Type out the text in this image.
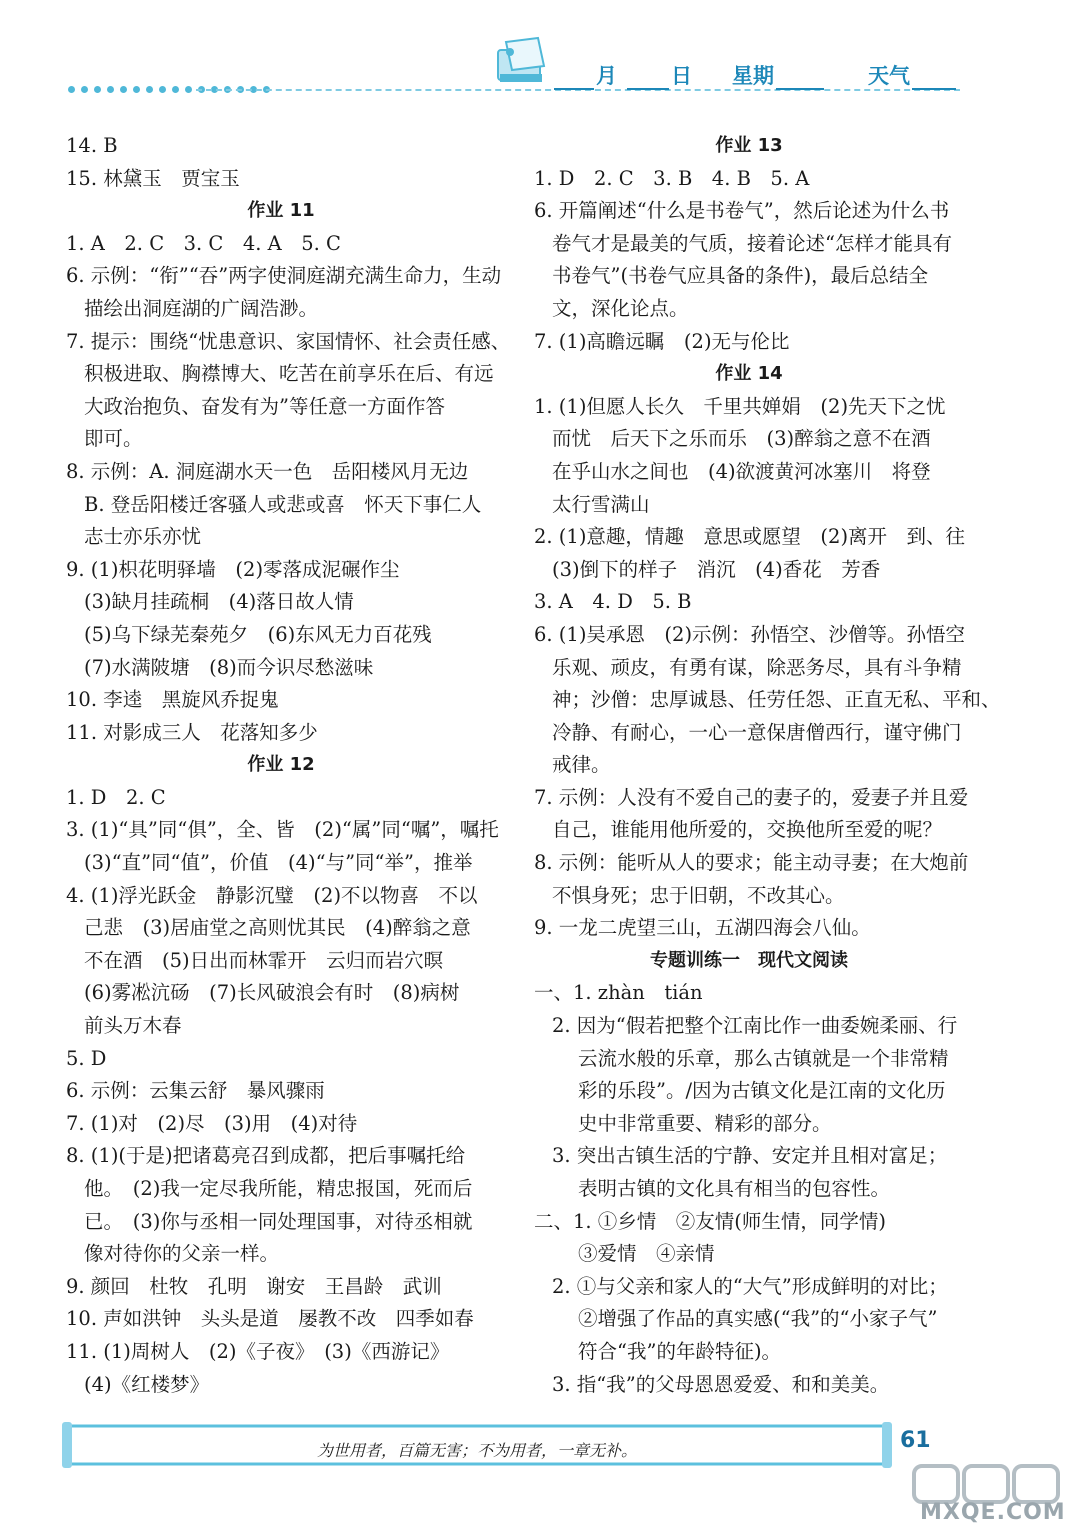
月	日 星期	天气
14. B
15. 林黛玉　贾宝玉
作业 11
1. A　2. C　3. C　4. A　5. C
6. 示例：“衔”“吞”两字使洞庭湖充满生命力，生动
描绘出洞庭湖的广阔浩渺。
7. 提示：围绕“忧患意识、家国情怀、社会责任感、
积极进取、胸襟博大、吃苦在前享乐在后、有远
大政治抱负、奋发有为”等任意一方面作答
即可。
8. 示例：A. 洞庭湖水天一色　岳阳楼风月无边
B. 登岳阳楼迁客骚人或悲或喜　怀天下事仁人
志士亦乐亦忧
9. (1)枳花明驿墙　(2)零落成泥碾作尘
(3)缺月挂疏桐　(4)落日故人情
(5)乌下绿芜秦苑夕　(6)东风无力百花残
(7)水满陂塘　(8)而今识尽愁滋味
10. 李逵　黑旋风乔捉鬼
11. 对影成三人　花落知多少
作业 12
1. D　2. C
3. (1)“具”同“俱”，全、皆　(2)“属”同“嘱”，嘱托
(3)“直”同“值”，价值　(4)“与”同“举”，推举
4. (1)浮光跃金　静影沉璧　(2)不以物喜　不以
己悲　(3)居庙堂之高则忧其民　(4)醉翁之意
不在酒　(5)日出而林霏开　云归而岩穴暝
(6)雾凇沆砀　(7)长风破浪会有时　(8)病树
前头万木春
5. D
6. 示例：云集云舒　暴风骤雨
7. (1)对　(2)尽　(3)用　(4)对待
8. (1)(于是)把诸葛亮召到成都，把后事嘱托给
他。　(2)我一定尽我所能，精忠报国，死而后
已。　(3)你与丞相一同处理国事，对待丞相就
像对待你的父亲一样。
9. 颜回　杜牧　孔明　谢安　王昌龄　武训
10. 声如洪钟　头头是道　屡教不改　四季如春
11. (1)周树人　(2)《子夜》　(3)《西游记》
(4)《红楼梦》
作业 13
1. D　2. C　3. B　4. B　5. A
6. 开篇阐述“什么是书卷气”，然后论述为什么书
卷气才是最美的气质，接着论述“怎样才能具有
书卷气”(书卷气应具备的条件)，最后总结全
文，深化论点。
7. (1)高瞻远瞩　(2)无与伦比
作业 14
1. (1)但愿人长久　千里共婵娟　(2)先天下之忧
而忧　后天下之乐而乐　(3)醉翁之意不在酒
在乎山水之间也　(4)欲渡黄河冰塞川　将登
太行雪满山
2. (1)意趣，情趣　意思或愿望　(2)离开　到、往
(3)倒下的样子　消沉　(4)香花　芳香
3. A　4. D　5. B
6. (1)吴承恩　(2)示例：孙悟空、沙僧等。孙悟空
乐观、顽皮，有勇有谋，除恶务尽，具有斗争精
神；沙僧：忠厚诚恳、任劳任怨、正直无私、平和、
冷静、有耐心，一心一意保唐僧西行，谨守佛门
戒律。
7. 示例：人没有不爱自己的妻子的，爱妻子并且爱
自己，谁能用他所爱的，交换他所至爱的呢？
8. 示例：能听从人的要求；能主动寻妻；在大炮前
不惧身死；忠于旧朝，不改其心。
9. 一龙二虎望三山，五湖四海会八仙。
专题训练一　现代文阅读
一、1. zhàn　tián
2. 因为“假若把整个江南比作一曲委婉柔丽、行
云流水般的乐章，那么古镇就是一个非常精
彩的乐段”。/因为古镇文化是江南的文化历
史中非常重要、精彩的部分。
3. 突出古镇生活的宁静、安定并且相对富足；
表明古镇的文化具有相当的包容性。
二、1. ①乡情　②友情(师生情，同学情)
③爱情　④亲情
2. ①与父亲和家人的“大气”形成鲜明的对比；
②增强了作品的真实感(“我”的“小家子气”
符合“我”的年龄特征)。
3. 指“我”的父母恩恩爱爱、和和美美。
为世用者，百篇无害；不为用者，一章无补。	61
MXQE.COM
